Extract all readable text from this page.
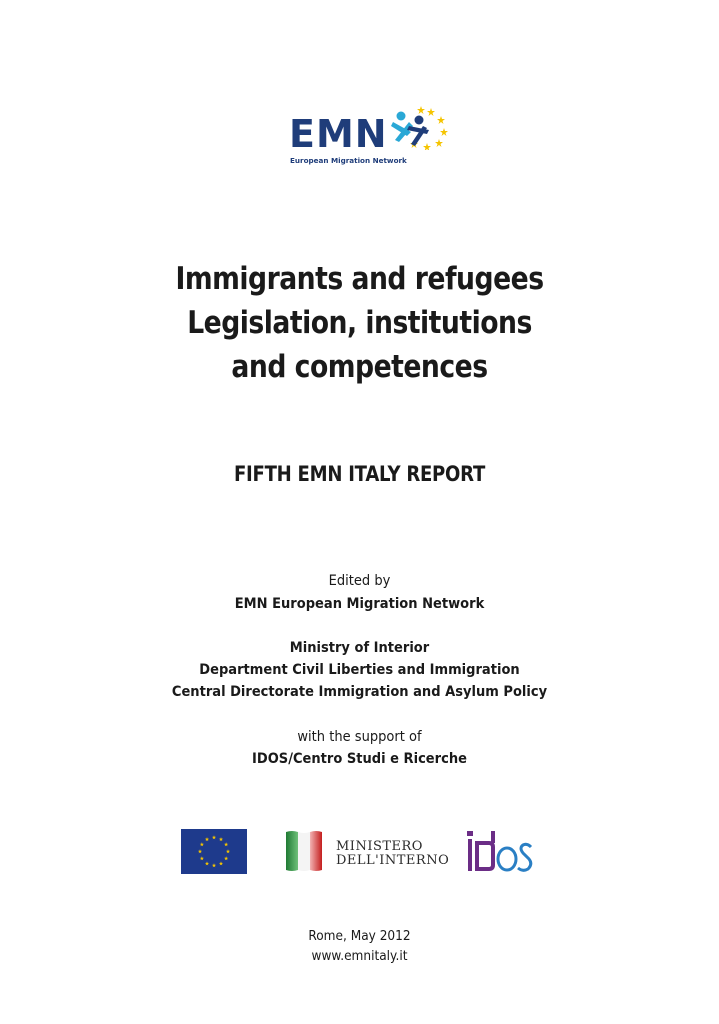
EMN
European Migration Network
Immigrants and refugees
Legislation, institutions
and competences
FIFTH EMN ITALY REPORT
Edited by
EMN European Migration Network
Ministry of Interior
Department Civil Liberties and Immigration
Central Directorate Immigration and Asylum Policy
with the support of
IDOS/Centro Studi e Ricerche
MINISTERO
DELL'INTERNO
Rome, May 2012
www.emnitaly.it
